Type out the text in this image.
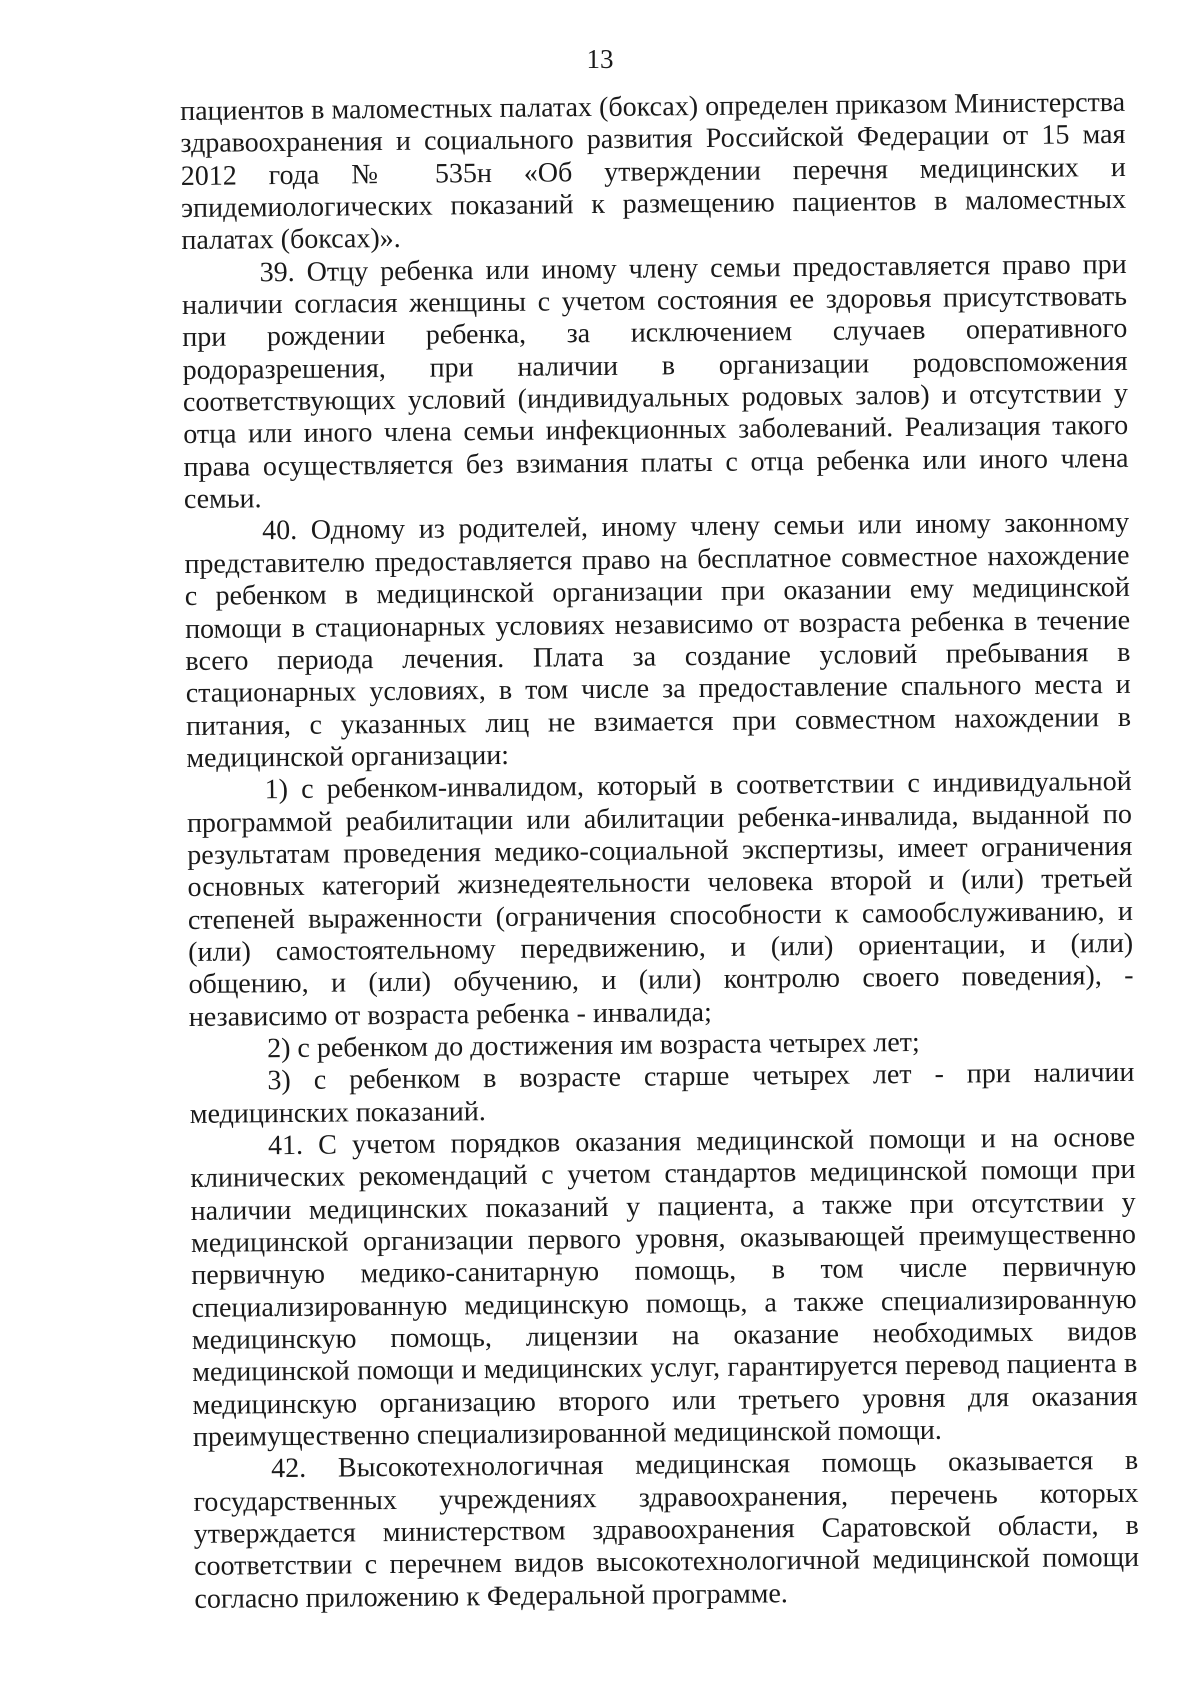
13

пациентов в маломестных палатах (боксах) определен приказом Министерства здравоохранения и социального развития Российской Федерации от 15 мая 2012 года № 535н «Об утверждении перечня медицинских и эпидемиологических показаний к размещению пациентов в маломестных палатах (боксах)».

39. Отцу ребенка или иному члену семьи предоставляется право при наличии согласия женщины с учетом состояния ее здоровья присутствовать при рождении ребенка, за исключением случаев оперативного родоразрешения, при наличии в организации родовспоможения соответствующих условий (индивидуальных родовых залов) и отсутствии у отца или иного члена семьи инфекционных заболеваний. Реализация такого права осуществляется без взимания платы с отца ребенка или иного члена семьи.

40. Одному из родителей, иному члену семьи или иному законному представителю предоставляется право на бесплатное совместное нахождение с ребенком в медицинской организации при оказании ему медицинской помощи в стационарных условиях независимо от возраста ребенка в течение всего периода лечения. Плата за создание условий пребывания в стационарных условиях, в том числе за предоставление спального места и питания, с указанных лиц не взимается при совместном нахождении в медицинской организации:

1) с ребенком-инвалидом, который в соответствии с индивидуальной программой реабилитации или абилитации ребенка-инвалида, выданной по результатам проведения медико-социальной экспертизы, имеет ограничения основных категорий жизнедеятельности человека второй и (или) третьей степеней выраженности (ограничения способности к самообслуживанию, и (или) самостоятельному передвижению, и (или) ориентации, и (или) общению, и (или) обучению, и (или) контролю своего поведения), - независимо от возраста ребенка - инвалида;

2) с ребенком до достижения им возраста четырех лет;

3) с ребенком в возрасте старше четырех лет - при наличии медицинских показаний.

41. С учетом порядков оказания медицинской помощи и на основе клинических рекомендаций с учетом стандартов медицинской помощи при наличии медицинских показаний у пациента, а также при отсутствии у медицинской организации первого уровня, оказывающей преимущественно первичную медико-санитарную помощь, в том числе первичную специализированную медицинскую помощь, а также специализированную медицинскую помощь, лицензии на оказание необходимых видов медицинской помощи и медицинских услуг, гарантируется перевод пациента в медицинскую организацию второго или третьего уровня для оказания преимущественно специализированной медицинской помощи.

42. Высокотехнологичная медицинская помощь оказывается в государственных учреждениях здравоохранения, перечень которых утверждается министерством здравоохранения Саратовской области, в соответствии с перечнем видов высокотехнологичной медицинской помощи согласно приложению к Федеральной программе.
